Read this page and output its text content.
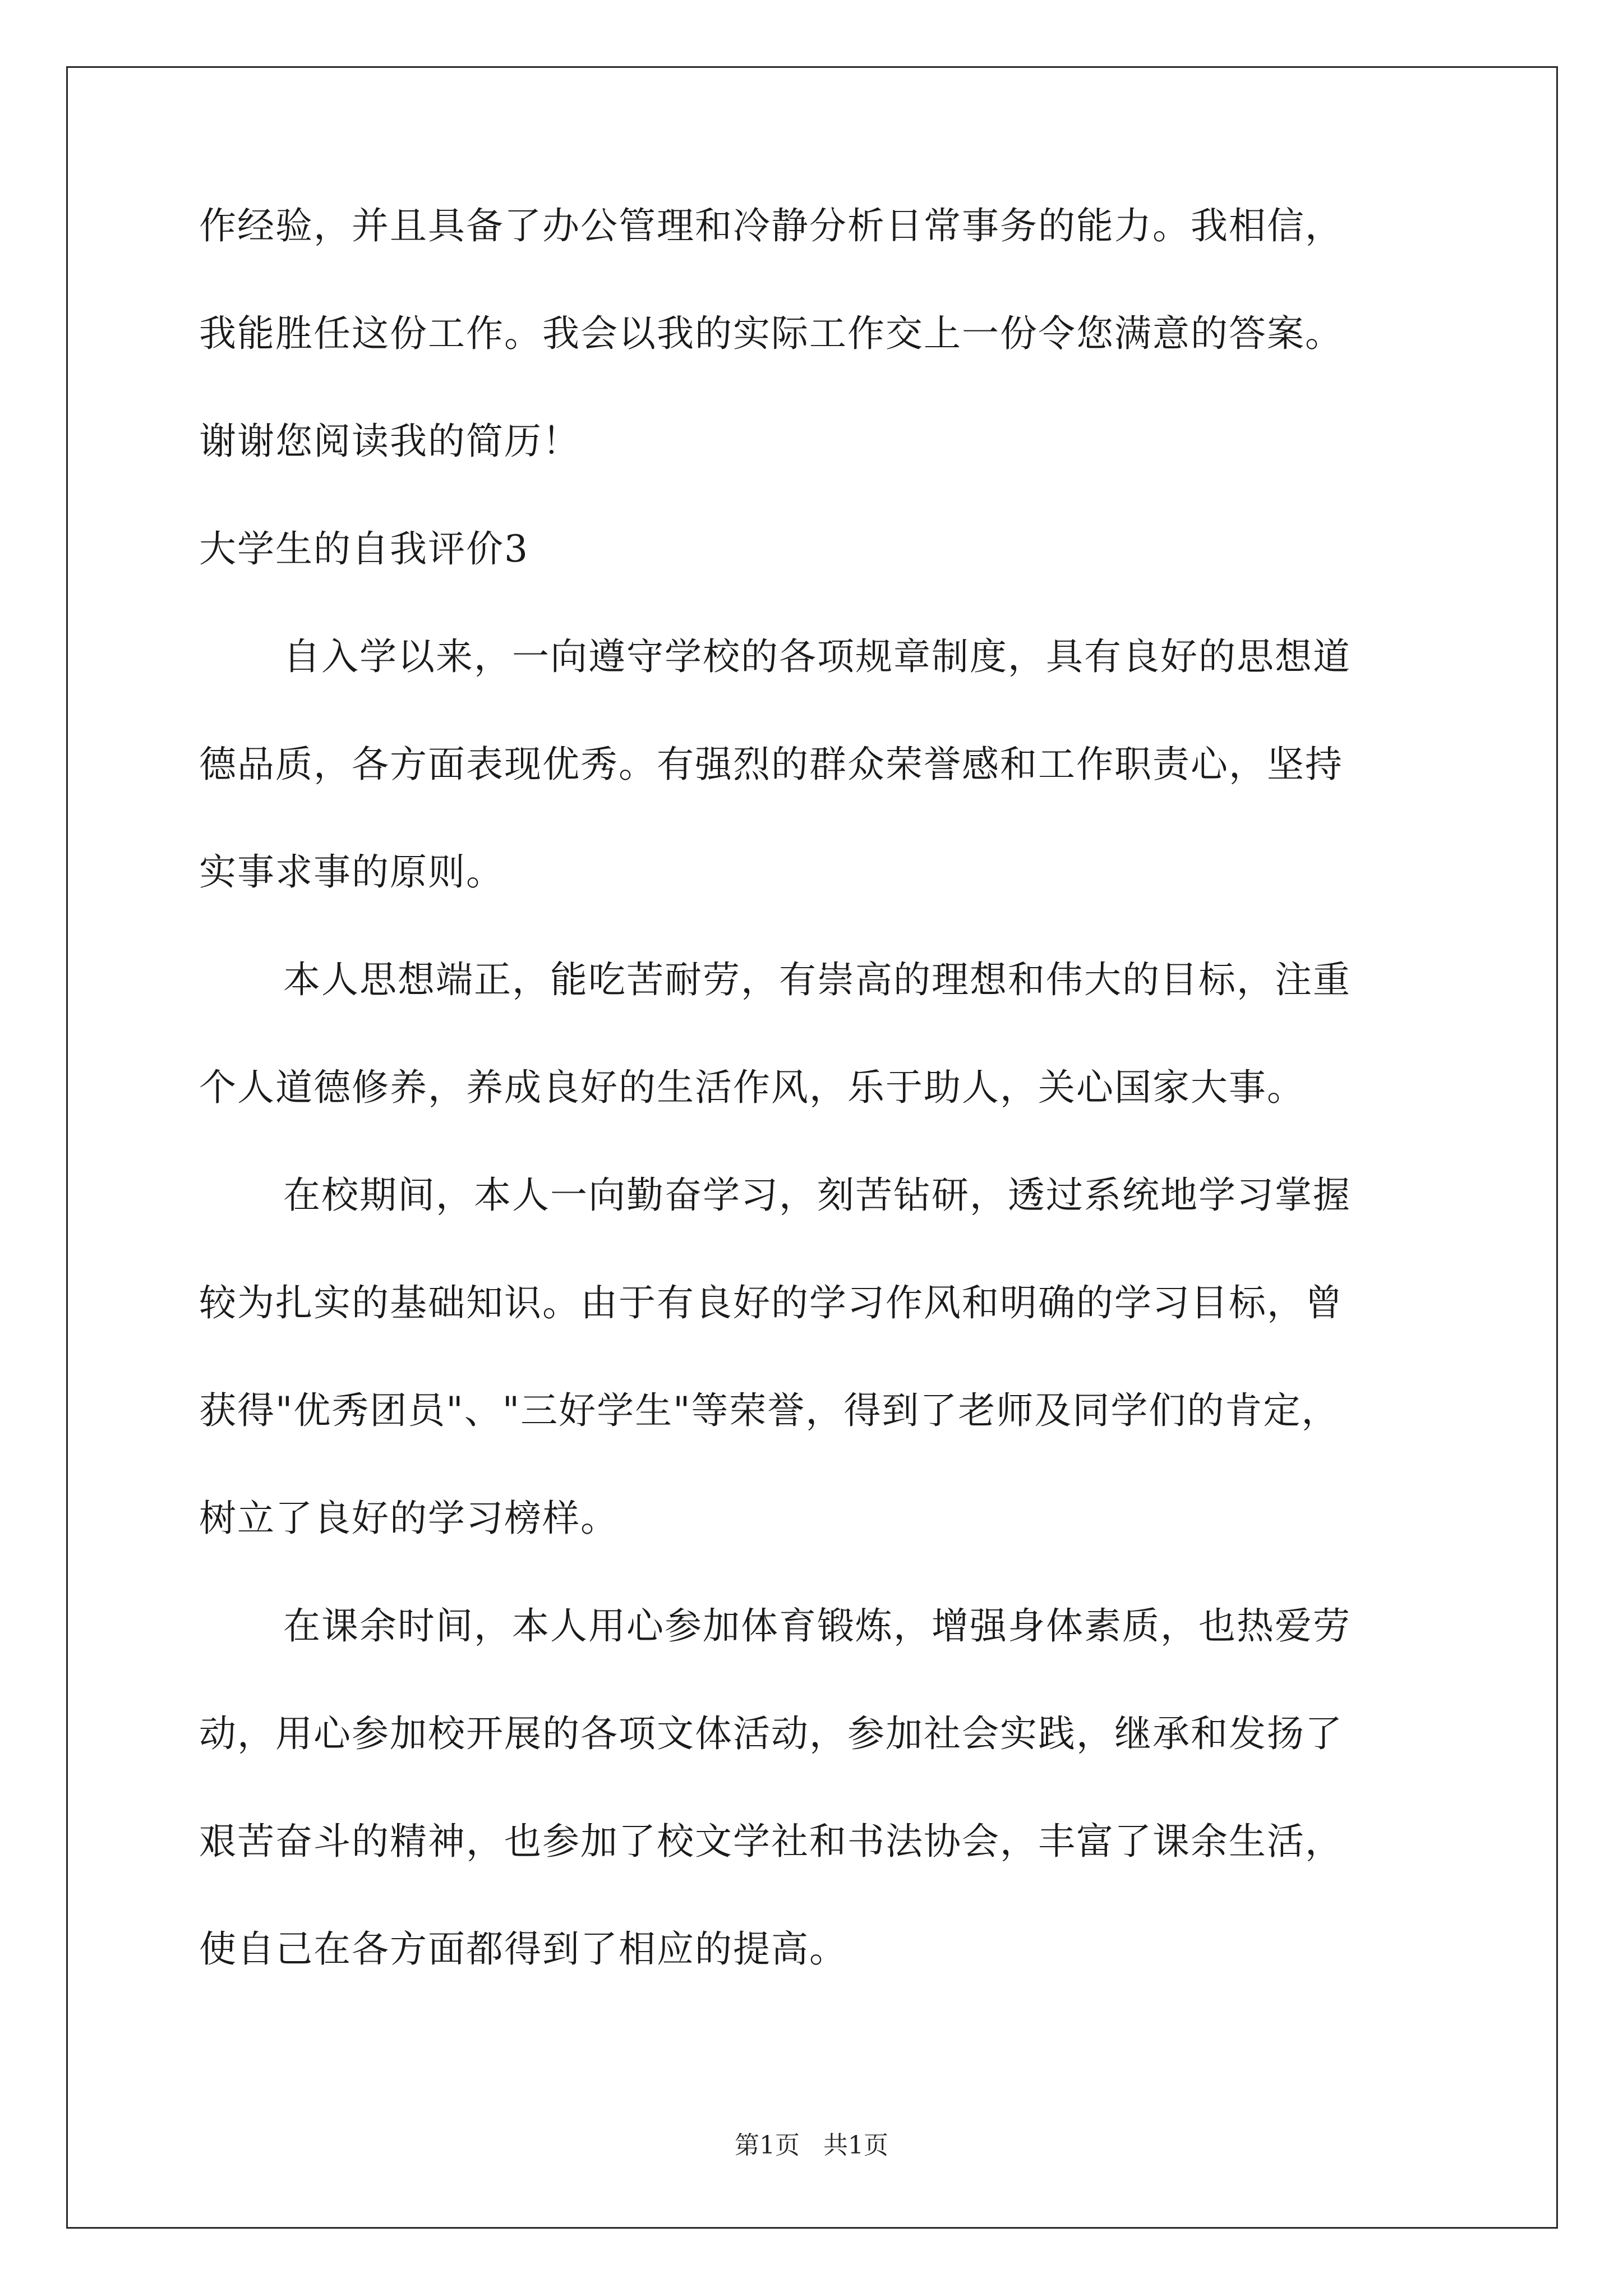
作经验，并且具备了办公管理和冷静分析日常事务的能力。我相信，
我能胜任这份工作。我会以我的实际工作交上一份令您满意的答案。
谢谢您阅读我的简历！
大学生的自我评价3
自入学以来，一向遵守学校的各项规章制度，具有良好的思想道
德品质，各方面表现优秀。有强烈的群众荣誉感和工作职责心，坚持
实事求事的原则。
本人思想端正，能吃苦耐劳，有崇高的理想和伟大的目标，注重
个人道德修养，养成良好的生活作风，乐于助人，关心国家大事。
在校期间，本人一向勤奋学习，刻苦钻研，透过系统地学习掌握
较为扎实的基础知识。由于有良好的学习作风和明确的学习目标，曾
获得"优秀团员"、"三好学生"等荣誉，得到了老师及同学们的肯定，
树立了良好的学习榜样。
在课余时间，本人用心参加体育锻炼，增强身体素质，也热爱劳
动，用心参加校开展的各项文体活动，参加社会实践，继承和发扬了
艰苦奋斗的精神，也参加了校文学社和书法协会，丰富了课余生活，
使自己在各方面都得到了相应的提高。
第1页   共1页
